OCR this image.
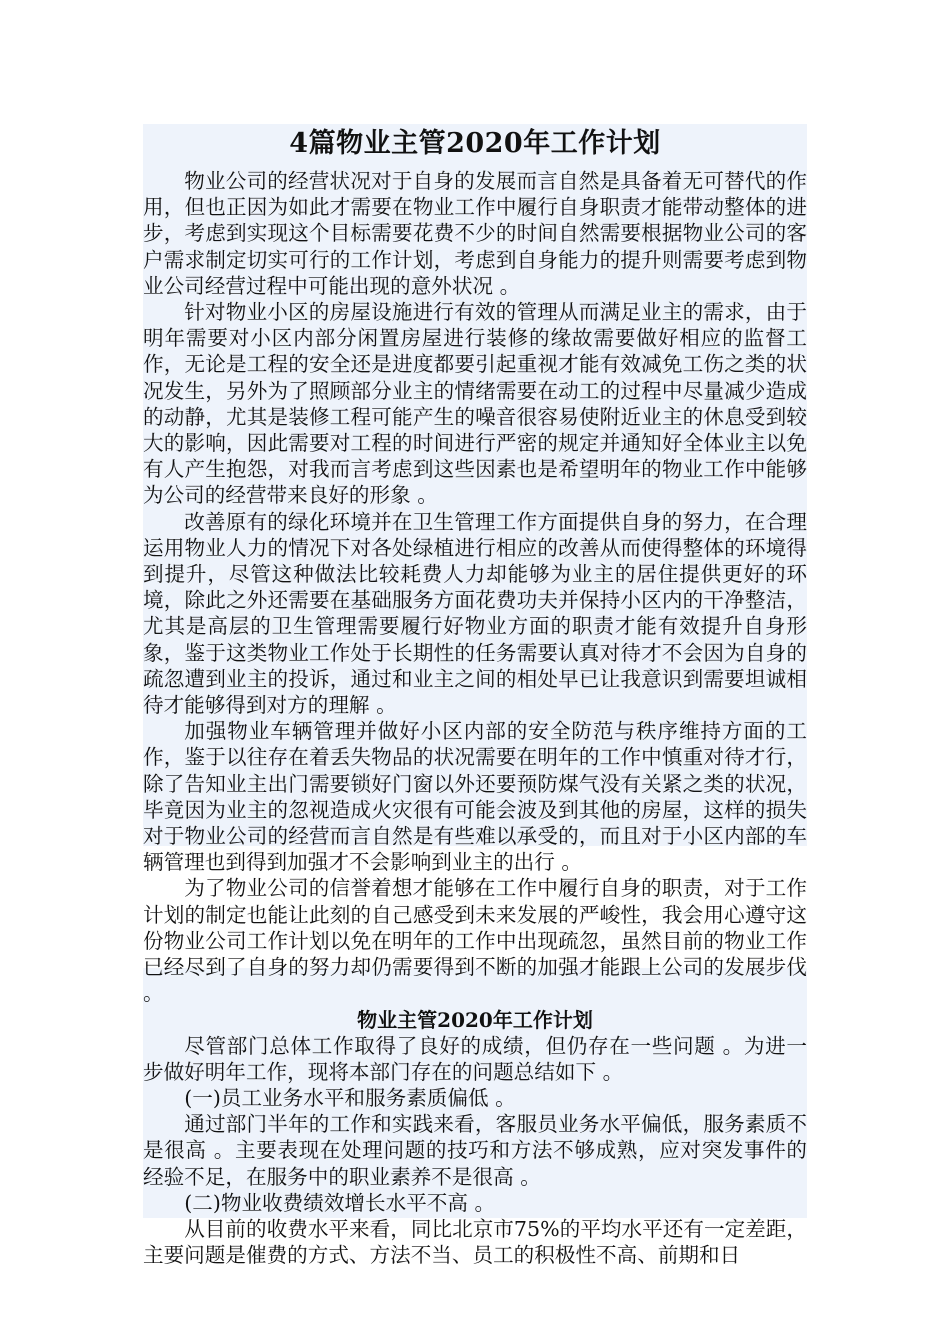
4篇物业主管2020年工作计划

物业公司的经营状况对于自身的发展而言自然是具备着无可替代的作用，但也正因为如此才需要在物业工作中履行自身职责才能带动整体的进步，考虑到实现这个目标需要花费不少的时间自然需要根据物业公司的客户需求制定切实可行的工作计划，考虑到自身能力的提升则需要考虑到物业公司经营过程中可能出现的意外状况 。

针对物业小区的房屋设施进行有效的管理从而满足业主的需求，由于明年需要对小区内部分闲置房屋进行装修的缘故需要做好相应的监督工作，无论是工程的安全还是进度都要引起重视才能有效减免工伤之类的状况发生，另外为了照顾部分业主的情绪需要在动工的过程中尽量减少造成的动静，尤其是装修工程可能产生的噪音很容易使附近业主的休息受到较大的影响，因此需要对工程的时间进行严密的规定并通知好全体业主以免有人产生抱怨，对我而言考虑到这些因素也是希望明年的物业工作中能够为公司的经营带来良好的形象 。

改善原有的绿化环境并在卫生管理工作方面提供自身的努力，在合理运用物业人力的情况下对各处绿植进行相应的改善从而使得整体的环境得到提升，尽管这种做法比较耗费人力却能够为业主的居住提供更好的环境，除此之外还需要在基础服务方面花费功夫并保持小区内的干净整洁，尤其是高层的卫生管理需要履行好物业方面的职责才能有效提升自身形象，鉴于这类物业工作处于长期性的任务需要认真对待才不会因为自身的疏忽遭到业主的投诉，通过和业主之间的相处早已让我意识到需要坦诚相待才能够得到对方的理解 。

加强物业车辆管理并做好小区内部的安全防范与秩序维持方面的工作，鉴于以往存在着丢失物品的状况需要在明年的工作中慎重对待才行，除了告知业主出门需要锁好门窗以外还要预防煤气没有关紧之类的状况，毕竟因为业主的忽视造成火灾很有可能会波及到其他的房屋，这样的损失对于物业公司的经营而言自然是有些难以承受的，而且对于小区内部的车辆管理也到得到加强才不会影响到业主的出行 。

为了物业公司的信誉着想才能够在工作中履行自身的职责，对于工作计划的制定也能让此刻的自己感受到未来发展的严峻性，我会用心遵守这份物业公司工作计划以免在明年的工作中出现疏忽，虽然目前的物业工作已经尽到了自身的努力却仍需要得到不断的加强才能跟上公司的发展步伐 。

物业主管2020年工作计划

尽管部门总体工作取得了良好的成绩，但仍存在一些问题 。为进一步做好明年工作，现将本部门存在的问题总结如下 。

(一)员工业务水平和服务素质偏低 。

通过部门半年的工作和实践来看，客服员业务水平偏低，服务素质不是很高 。主要表现在处理问题的技巧和方法不够成熟，应对突发事件的经验不足，在服务中的职业素养不是很高 。

(二)物业收费绩效增长水平不高 。

从目前的收费水平来看，同比北京市75%的平均水平还有一定差距，主要问题是催费的方式、方法不当、员工的积极性不高、前期和日
